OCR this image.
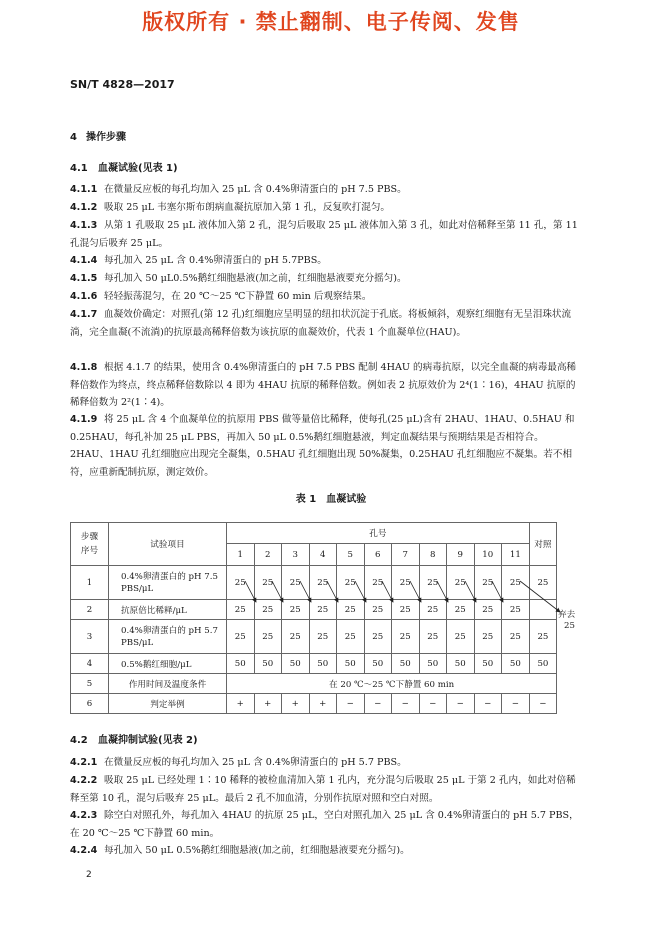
版权所有 · 禁止翻制、电子传阅、发售
SN/T 4828—2017
4 操作步骤
4.1 血凝试验(见表 1)
4.1.1 在微量反应板的每孔均加入 25 μL 含 0.4%卵清蛋白的 pH 7.5 PBS。
4.1.2 吸取 25 μL 韦塞尔斯布朗病血凝抗原加入第 1 孔，反复吹打混匀。
4.1.3 从第 1 孔吸取 25 μL 液体加入第 2 孔，混匀后吸取 25 μL 液体加入第 3 孔，如此对倍稀释至第 11 孔，第 11 孔混匀后吸弃 25 μL。
4.1.4 每孔加入 25 μL 含 0.4%卵清蛋白的 pH 5.7PBS。
4.1.5 每孔加入 50 μL0.5%鹅红细胞悬液(加之前，红细胞悬液要充分摇匀)。
4.1.6 轻轻振荡混匀，在 20 ℃～25 ℃下静置 60 min 后观察结果。
4.1.7 血凝效价确定：对照孔(第 12 孔)红细胞应呈明显的纽扣状沉淀于孔底。将板倾斜，观察红细胞有无呈泪珠状流淌，完全血凝(不流淌)的抗原最高稀释倍数为该抗原的血凝效价，代表 1 个血凝单位(HAU)。
4.1.8 根据 4.1.7 的结果，使用含 0.4%卵清蛋白的 pH 7.5 PBS 配制 4HAU 的病毒抗原，以完全血凝的病毒最高稀释倍数作为终点，终点稀释倍数除以 4 即为 4HAU 抗原的稀释倍数。例如表 2 抗原效价为 2⁴(1∶16)，4HAU 抗原的稀释倍数为 2²(1∶4)。
4.1.9 将 25 μL 含 4 个血凝单位的抗原用 PBS 做等量倍比稀释，使每孔(25 μL)含有 2HAU、1HAU、0.5HAU 和 0.25HAU，每孔补加 25 μL PBS，再加入 50 μL 0.5%鹅红细胞悬液，判定血凝结果与预期结果是否相符合。2HAU、1HAU 孔红细胞应出现完全凝集，0.5HAU 孔红细胞出现 50%凝集，0.25HAU 孔红细胞应不凝集。若不相符，应重新配制抗原，测定效价。
表 1　血凝试验
步骤序号	试验项目	孔号											对照
		1	2	3	4	5	6	7	8	9	10	11	
1	0.4%卵清蛋白的 pH 7.5 PBS/μL	25	25	25	25	25	25	25	25	25	25	25	25
2	抗原倍比稀释/μL	25	25	25	25	25	25	25	25	25	25	25	
3	0.4%卵清蛋白的 pH 5.7 PBS/μL	25	25	25	25	25	25	25	25	25	25	25	25
4	0.5%鹅红细胞/μL	50	50	50	50	50	50	50	50	50	50	50	50
5	作用时间及温度条件	在 20 ℃～25 ℃下静置 60 min											
6	判定举例	+	+	+	+	−	−	−	−	−	−	−	−
弃去
25
4.2 血凝抑制试验(见表 2)
4.2.1 在微量反应板的每孔均加入 25 μL 含 0.4%卵清蛋白的 pH 5.7 PBS。
4.2.2 吸取 25 μL 已经处理 1∶10 稀释的被检血清加入第 1 孔内，充分混匀后吸取 25 μL 于第 2 孔内，如此对倍稀释至第 10 孔，混匀后吸弃 25 μL。最后 2 孔不加血清，分别作抗原对照和空白对照。
4.2.3 除空白对照孔外，每孔加入 4HAU 的抗原 25 μL，空白对照孔加入 25 μL 含 0.4%卵清蛋白的 pH 5.7 PBS，在 20 ℃～25 ℃下静置 60 min。
4.2.4 每孔加入 50 μL 0.5%鹅红细胞悬液(加之前，红细胞悬液要充分摇匀)。
2
